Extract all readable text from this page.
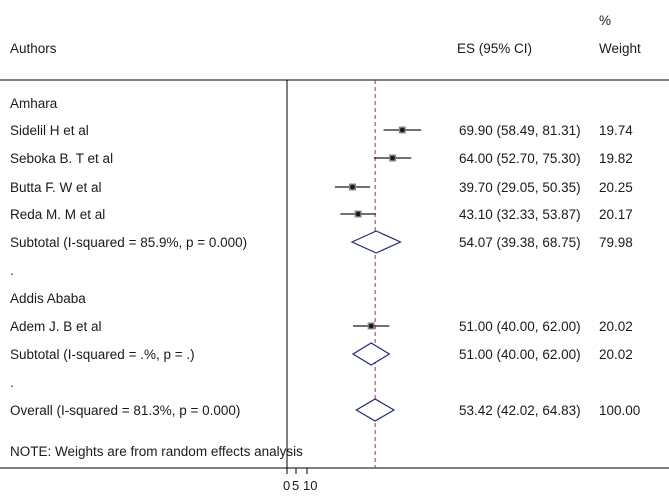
Authors	ES (95% CI)
%
Weight
Amhara
Sidelil H et al	69.90 (58.49, 81.31) 19.74
Seboka B. T et al	64.00 (52.70, 75.30) 19.82
Butta F. W et al	39.70 (29.05, 50.35) 20.25
Reda M. M et al	43.10 (32.33, 53.87) 20.17
Subtotal (I-squared = 85.9%, p = 0.000)	54.07 (39.38, 68.75) 79.98
.
Addis Ababa
Adem J. B et al	51.00 (40.00, 62.00) 20.02
Subtotal (I-squared = .%, p = .)	51.00 (40.00, 62.00) 20.02
.
Overall (I-squared = 81.3%, p = 0.000)	53.42 (42.02, 64.83) 100.00
0 5 10
NOTE: Weights are from random effects analysis
